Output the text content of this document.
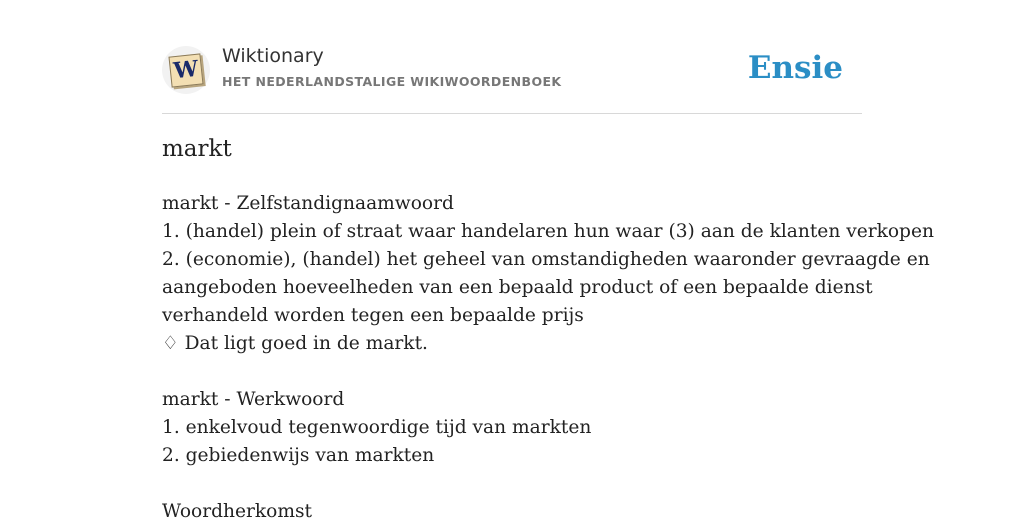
W Wiktionary
HET NEDERLANDSTALIGE WIKIWOORDENBOEK	Ensie
markt
markt - Zelfstandignaamwoord
1. (handel) plein of straat waar handelaren hun waar (3) aan de klanten verkopen
2. (economie), (handel) het geheel van omstandigheden waaronder gevraagde en
aangeboden hoeveelheden van een bepaald product of een bepaalde dienst
verhandeld worden tegen een bepaalde prijs
♢ Dat ligt goed in de markt.
markt - Werkwoord
1. enkelvoud tegenwoordige tijd van markten
2. gebiedenwijs van markten
Woordherkomst
